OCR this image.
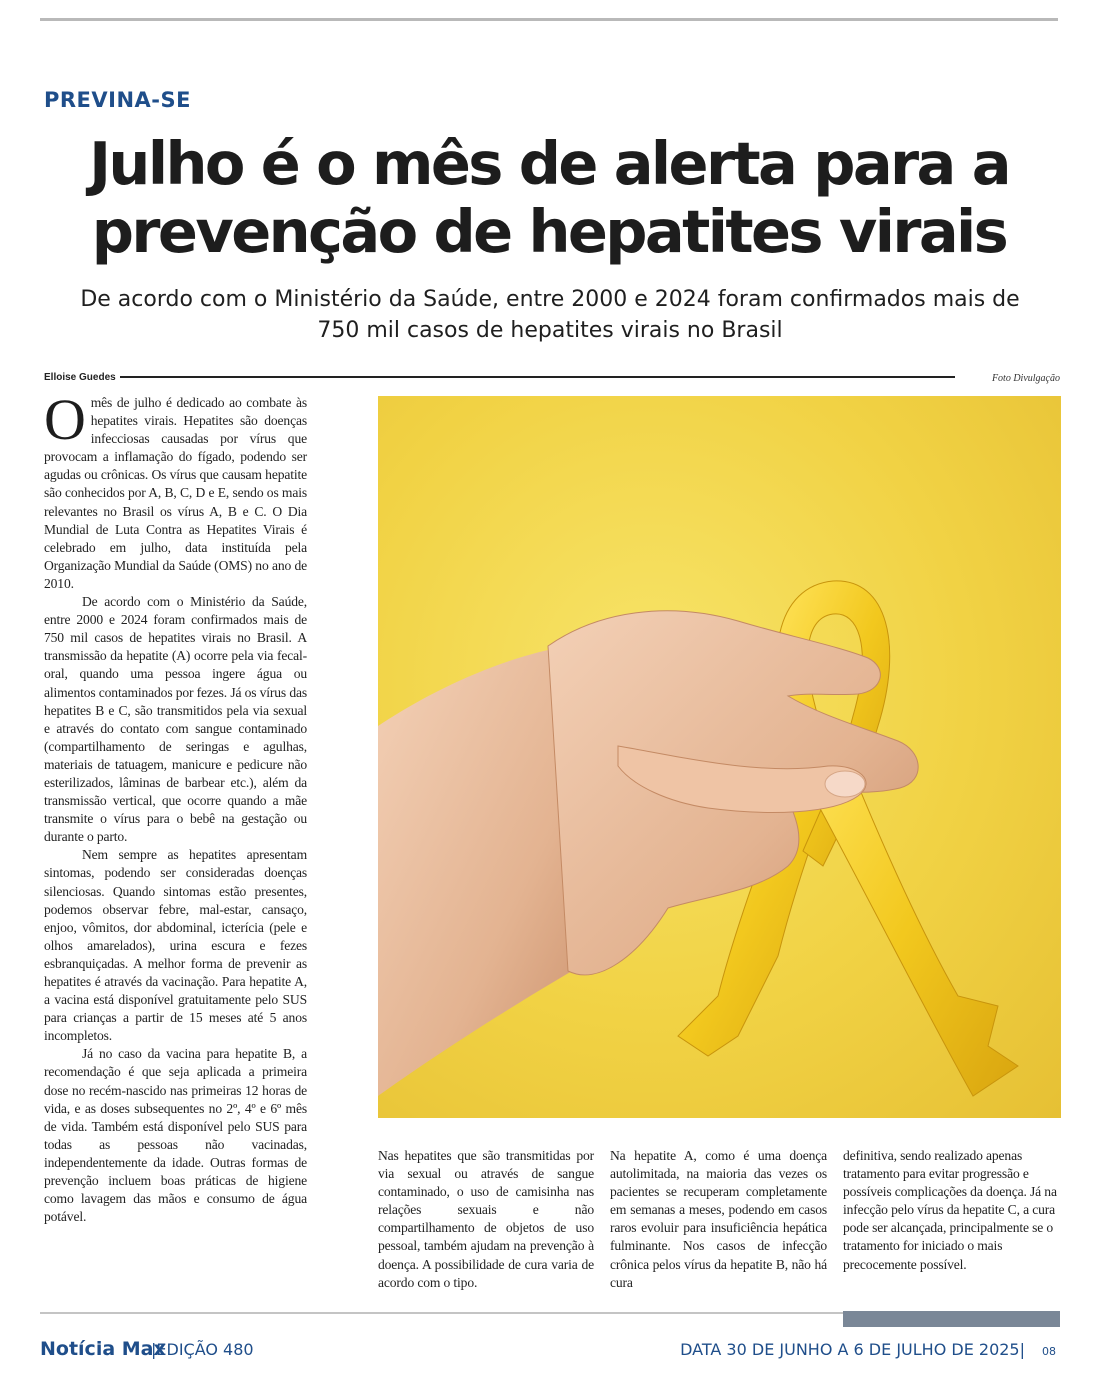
PREVINA-SE
Julho é o mês de alerta para a prevenção de hepatites virais

De acordo com o Ministério da Saúde, entre 2000 e 2024 foram confirmados mais de 750 mil casos de hepatites virais no Brasil

Elloise Guedes	Foto Divulgação

Omês de julho é dedicado ao combate às hepatites virais. Hepatites são doenças infecciosas causadas por vírus que provocam a inflamação do fígado, podendo ser agudas ou crônicas. Os vírus que causam hepatite são conhecidos por A, B, C, D e E, sendo os mais relevantes no Brasil os vírus A, B e C. O Dia Mundial de Luta Contra as Hepatites Virais é celebrado em julho, data instituída pela Organização Mundial da Saúde (OMS) no ano de 2010.

De acordo com o Ministério da Saúde, entre 2000 e 2024 foram confirmados mais de 750 mil casos de hepatites virais no Brasil. A transmissão da hepatite (A) ocorre pela via fecal-oral, quando uma pessoa ingere água ou alimentos contaminados por fezes. Já os vírus das hepatites B e C, são transmitidos pela via sexual e através do contato com sangue contaminado (compartilhamento de seringas e agulhas, materiais de tatuagem, manicure e pedicure não esterilizados, lâminas de barbear etc.), além da transmissão vertical, que ocorre quando a mãe transmite o vírus para o bebê na gestação ou durante o parto.

Nem sempre as hepatites apresentam sintomas, podendo ser consideradas doenças silenciosas. Quando sintomas estão presentes, podemos observar febre, mal-estar, cansaço, enjoo, vômitos, dor abdominal, icterícia (pele e olhos amarelados), urina escura e fezes esbranquiçadas. A melhor forma de prevenir as hepatites é através da vacinação. Para hepatite A, a vacina está disponível gratuitamente pelo SUS para crianças a partir de 15 meses até 5 anos incompletos.

Já no caso da vacina para hepatite B, a recomendação é que seja aplicada a primeira dose no recém-nascido nas primeiras 12 horas de vida, e as doses subsequentes no 2º, 4º e 6º mês de vida. Também está disponível pelo SUS para todas as pessoas não vacinadas, independentemente da idade. Outras formas de prevenção incluem boas práticas de higiene como lavagem das mãos e consumo de água potável.

Nas hepatites que são transmitidas por via sexual ou através de sangue contaminado, o uso de camisinha nas relações sexuais e não compartilhamento de objetos de uso pessoal, também ajudam na prevenção à doença. A possibilidade de cura varia de acordo com o tipo.

Na hepatite A, como é uma doença autolimitada, na maioria das vezes os pacientes se recuperam completamente em semanas a meses, podendo em casos raros evoluir para insuficiência hepática fulminante. Nos casos de infecção crônica pelos vírus da hepatite B, não há cura

definitiva, sendo realizado apenas tratamento para evitar progressão e possíveis complicações da doença. Já na infecção pelo vírus da hepatite C, a cura pode ser alcançada, principalmente se o tratamento for iniciado o mais precocemente possível.

Notícia Max
|EDIÇÃO 480	DATA 30 DE JUNHO A 6 DE JULHO DE 2025| 08
